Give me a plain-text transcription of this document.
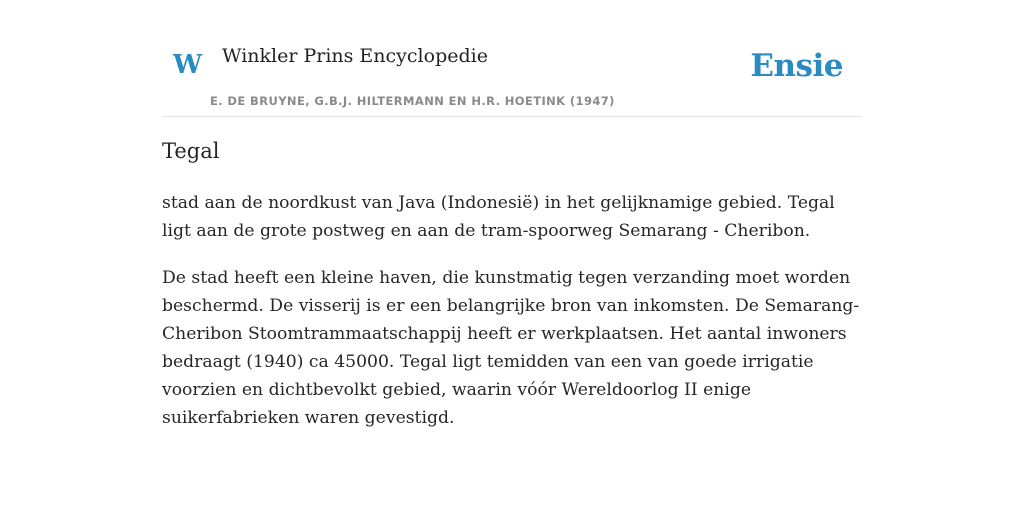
W Winkler Prins Encyclopedie	Ensie
E. DE BRUYNE, G.B.J. HILTERMANN EN H.R. HOETINK (1947)
Tegal

stad aan de noordkust van Java (Indonesië) in het gelijknamige gebied. Tegal ligt aan de grote postweg en aan de tram-spoorweg Semarang - Cheribon.

De stad heeft een kleine haven, die kunstmatig tegen verzanding moet worden beschermd. De visserij is er een belangrijke bron van inkomsten. De Semarang-Cheribon Stoomtrammaatschappij heeft er werkplaatsen. Het aantal inwoners bedraagt (1940) ca 45000. Tegal ligt temidden van een van goede irrigatie voorzien en dichtbevolkt gebied, waarin vóór Wereldoorlog II enige suikerfabrieken waren gevestigd.
